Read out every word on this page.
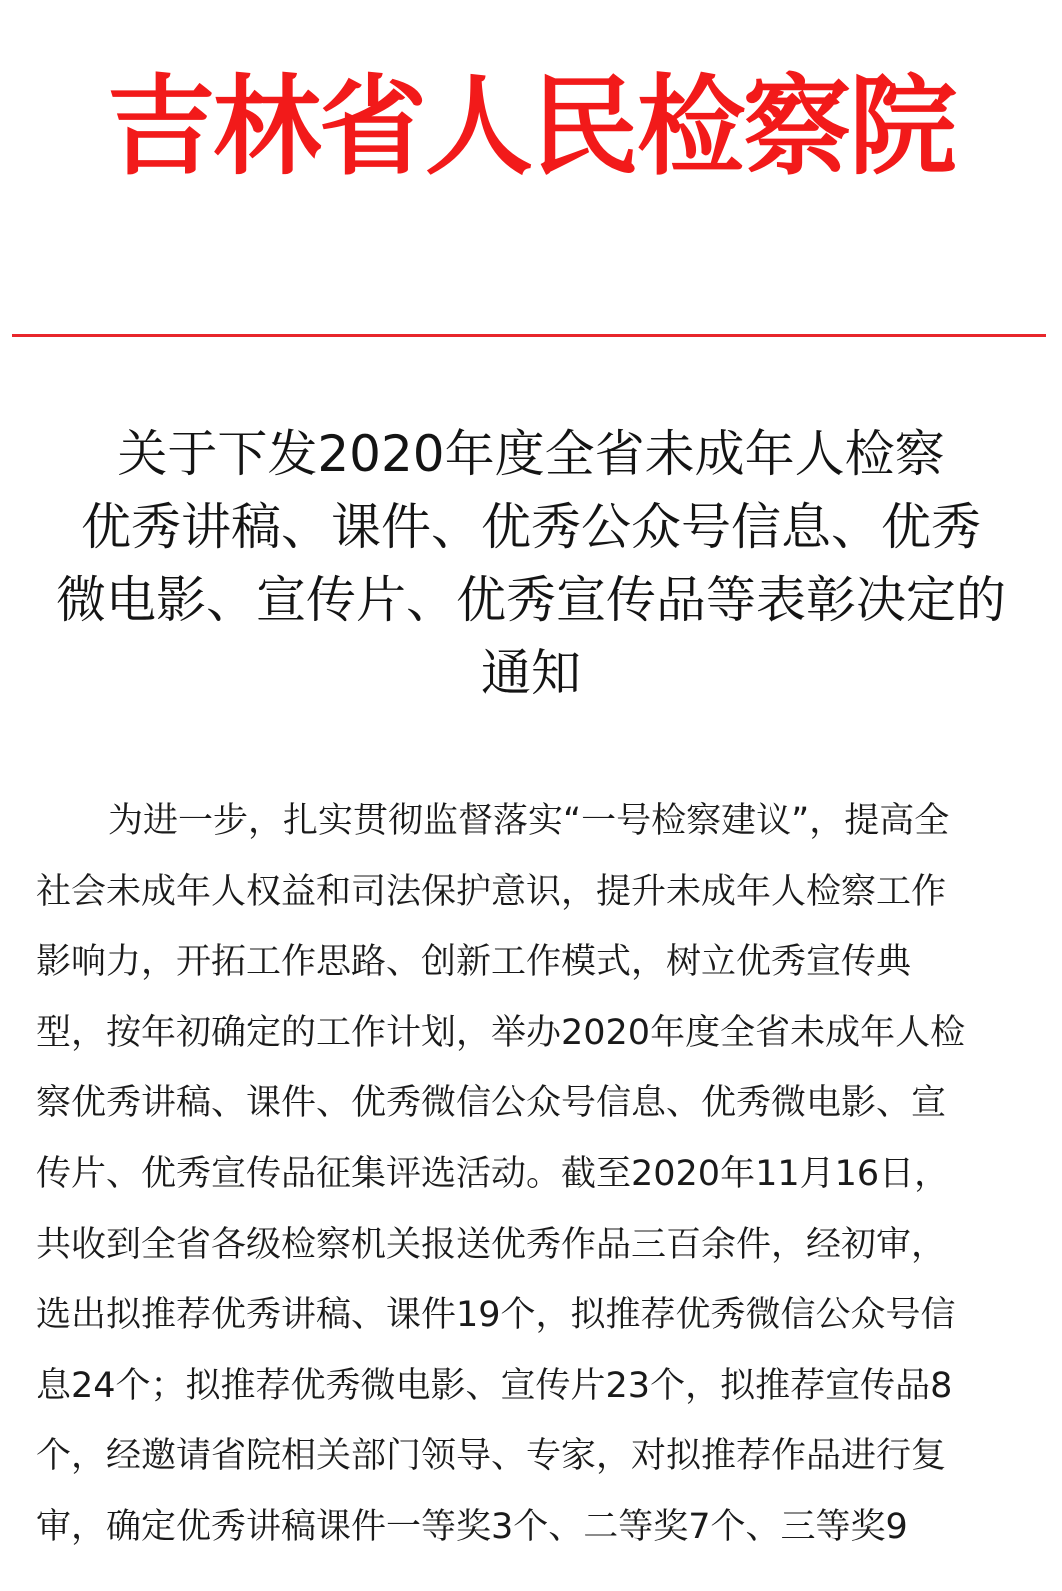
吉林省人民检察院
关于下发2020年度全省未成年人检察
优秀讲稿、课件、优秀公众号信息、优秀
微电影、宣传片、优秀宣传品等表彰决定的
通知
为进一步，扎实贯彻监督落实“一号检察建议”，提高全
社会未成年人权益和司法保护意识，提升未成年人检察工作
影响力，开拓工作思路、创新工作模式，树立优秀宣传典
型，按年初确定的工作计划，举办2020年度全省未成年人检
察优秀讲稿、课件、优秀微信公众号信息、优秀微电影、宣
传片、优秀宣传品征集评选活动。截至2020年11月16日，
共收到全省各级检察机关报送优秀作品三百余件，经初审，
选出拟推荐优秀讲稿、课件19个，拟推荐优秀微信公众号信
息24个；拟推荐优秀微电影、宣传片23个，拟推荐宣传品8
个，经邀请省院相关部门领导、专家，对拟推荐作品进行复
审，确定优秀讲稿课件一等奖3个、二等奖7个、三等奖9
